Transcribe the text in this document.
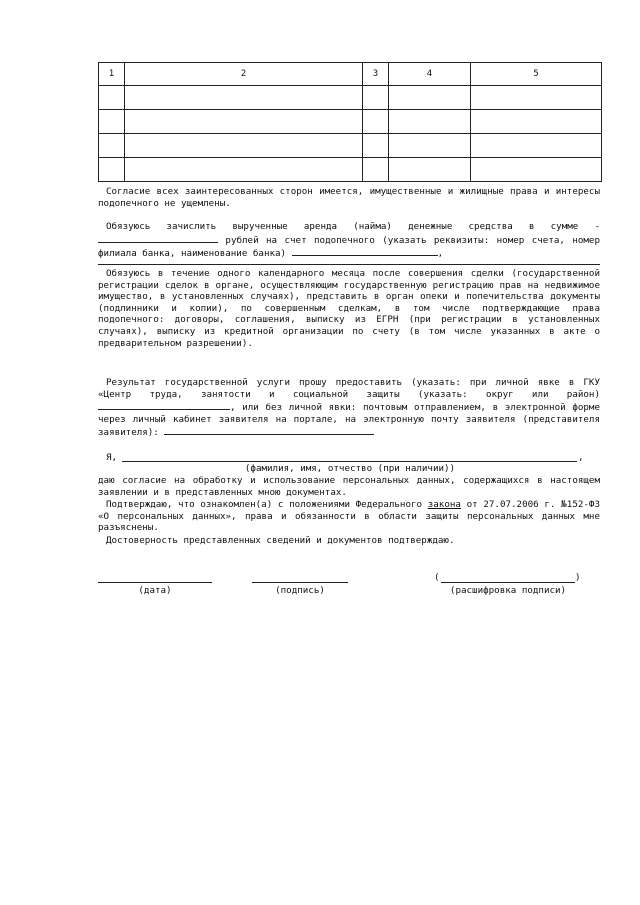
1	2	3	4	5

Согласие всех заинтересованных сторон имеется, имущественные и жилищные права и интересы подопечного не ущемлены.
Обязуюсь зачислить вырученные аренда (найма) денежные средства в сумме -  рублей на счет подопечного (указать реквизиты: номер счета, номер филиала банка, наименование банка)	,
Обязуюсь в течение одного календарного месяца после совершения сделки (государственной регистрации сделок в органе, осуществляющим государственную регистрацию прав на недвижимое имущество, в установленных случаях), представить в орган опеки и попечительства документы (подлинники и копии), по совершенным сделкам, в том числе подтверждающие права подопечного: договоры, соглашения, выписку из ЕГРН (при регистрации в установленных случаях), выписку из кредитной организации по счету (в том числе указанных в акте о предварительном разрешении).
Результат государственной услуги прошу предоставить (указать: при личной явке в ГКУ «Центр труда, занятости и социальной защиты (указать: округ или район) , или без личной явки: почтовым отправлением, в электронной форме через личный кабинет заявителя на портале, на электронную почту заявителя (представителя заявителя):
Я,	,
(фамилия, имя, отчество (при наличии))
даю согласие на обработку и использование персональных данных, содержащихся в настоящем заявлении и в представленных мною документах.
Подтверждаю, что ознакомлен(а) с положениями Федерального закона от 27.07.2006 г. №152-ФЗ «О персональных данных», права и обязанности в области защиты персональных данных мне разъяснены.
Достоверность представленных сведений и документов подтверждаю.
(дата)	(подпись)
(	)
(расшифровка подписи)
